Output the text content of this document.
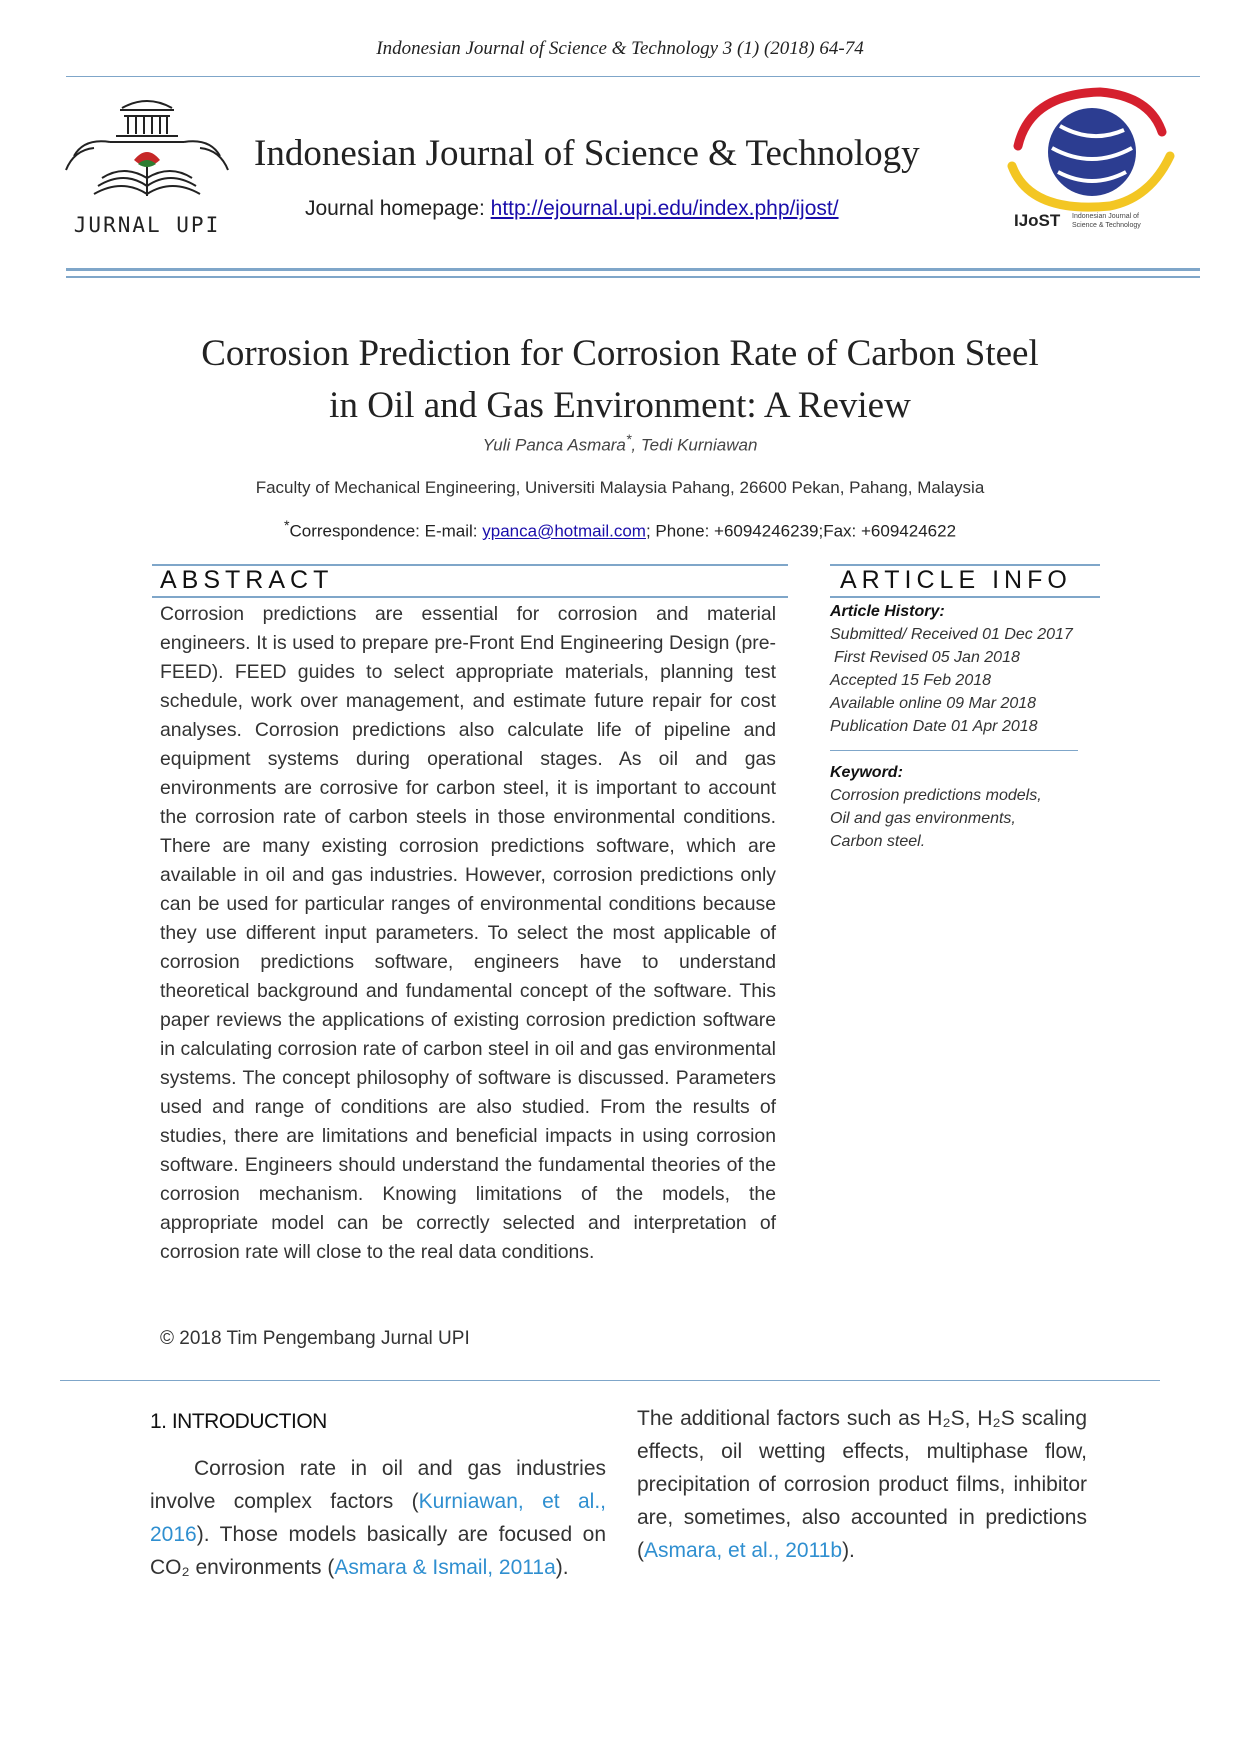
Indonesian Journal of Science & Technology 3 (1) (2018) 64-74
JURNAL UPI
Indonesian Journal of Science & Technology
Journal homepage: http://ejournal.upi.edu/index.php/ijost/
IJoST Indonesian Journal of
Science & Technology
Corrosion Prediction for Corrosion Rate of Carbon Steel
in Oil and Gas Environment: A Review
Yuli Panca Asmara*, Tedi Kurniawan
Faculty of Mechanical Engineering, Universiti Malaysia Pahang, 26600 Pekan, Pahang, Malaysia
*Correspondence: E-mail: ypanca@hotmail.com; Phone: +6094246239;Fax: +609424622
ABSTRACT
Corrosion predictions are essential for corrosion and material engineers. It is used to prepare pre-Front End Engineering Design (pre-FEED). FEED guides to select appropriate materials, planning test schedule, work over management, and estimate future repair for cost analyses. Corrosion predictions also calculate life of pipeline and equipment systems during operational stages. As oil and gas environments are corrosive for carbon steel, it is important to account the corrosion rate of carbon steels in those environmental conditions. There are many existing corrosion predictions software, which are available in oil and gas industries. However, corrosion predictions only can be used for particular ranges of environmental conditions because they use different input parameters. To select the most applicable of corrosion predictions software, engineers have to understand theoretical background and fundamental concept of the software. This paper reviews the applications of existing corrosion prediction software in calculating corrosion rate of carbon steel in oil and gas environmental systems. The concept philosophy of software is discussed. Parameters used and range of conditions are also studied. From the results of studies, there are limitations and beneficial impacts in using corrosion software. Engineers should understand the fundamental theories of the corrosion mechanism. Knowing limitations of the models, the appropriate model can be correctly selected and interpretation of corrosion rate will close to the real data conditions.
© 2018 Tim Pengembang Jurnal UPI
ARTICLE INFO
Article History:
Submitted/ Received 01 Dec 2017
First Revised 05 Jan 2018
Accepted 15 Feb 2018
Available online 09 Mar 2018
Publication Date 01 Apr 2018
Keyword:
Corrosion predictions models,
Oil and gas environments,
Carbon steel.
1. INTRODUCTION
Corrosion rate in oil and gas industries involve complex factors (Kurniawan, et al., 2016). Those models basically are focused on CO₂ environments (Asmara & Ismail, 2011a).
The additional factors such as H₂S, H₂S scaling effects, oil wetting effects, multiphase flow, precipitation of corrosion product films, inhibitor are, sometimes, also accounted in predictions (Asmara, et al., 2011b).
